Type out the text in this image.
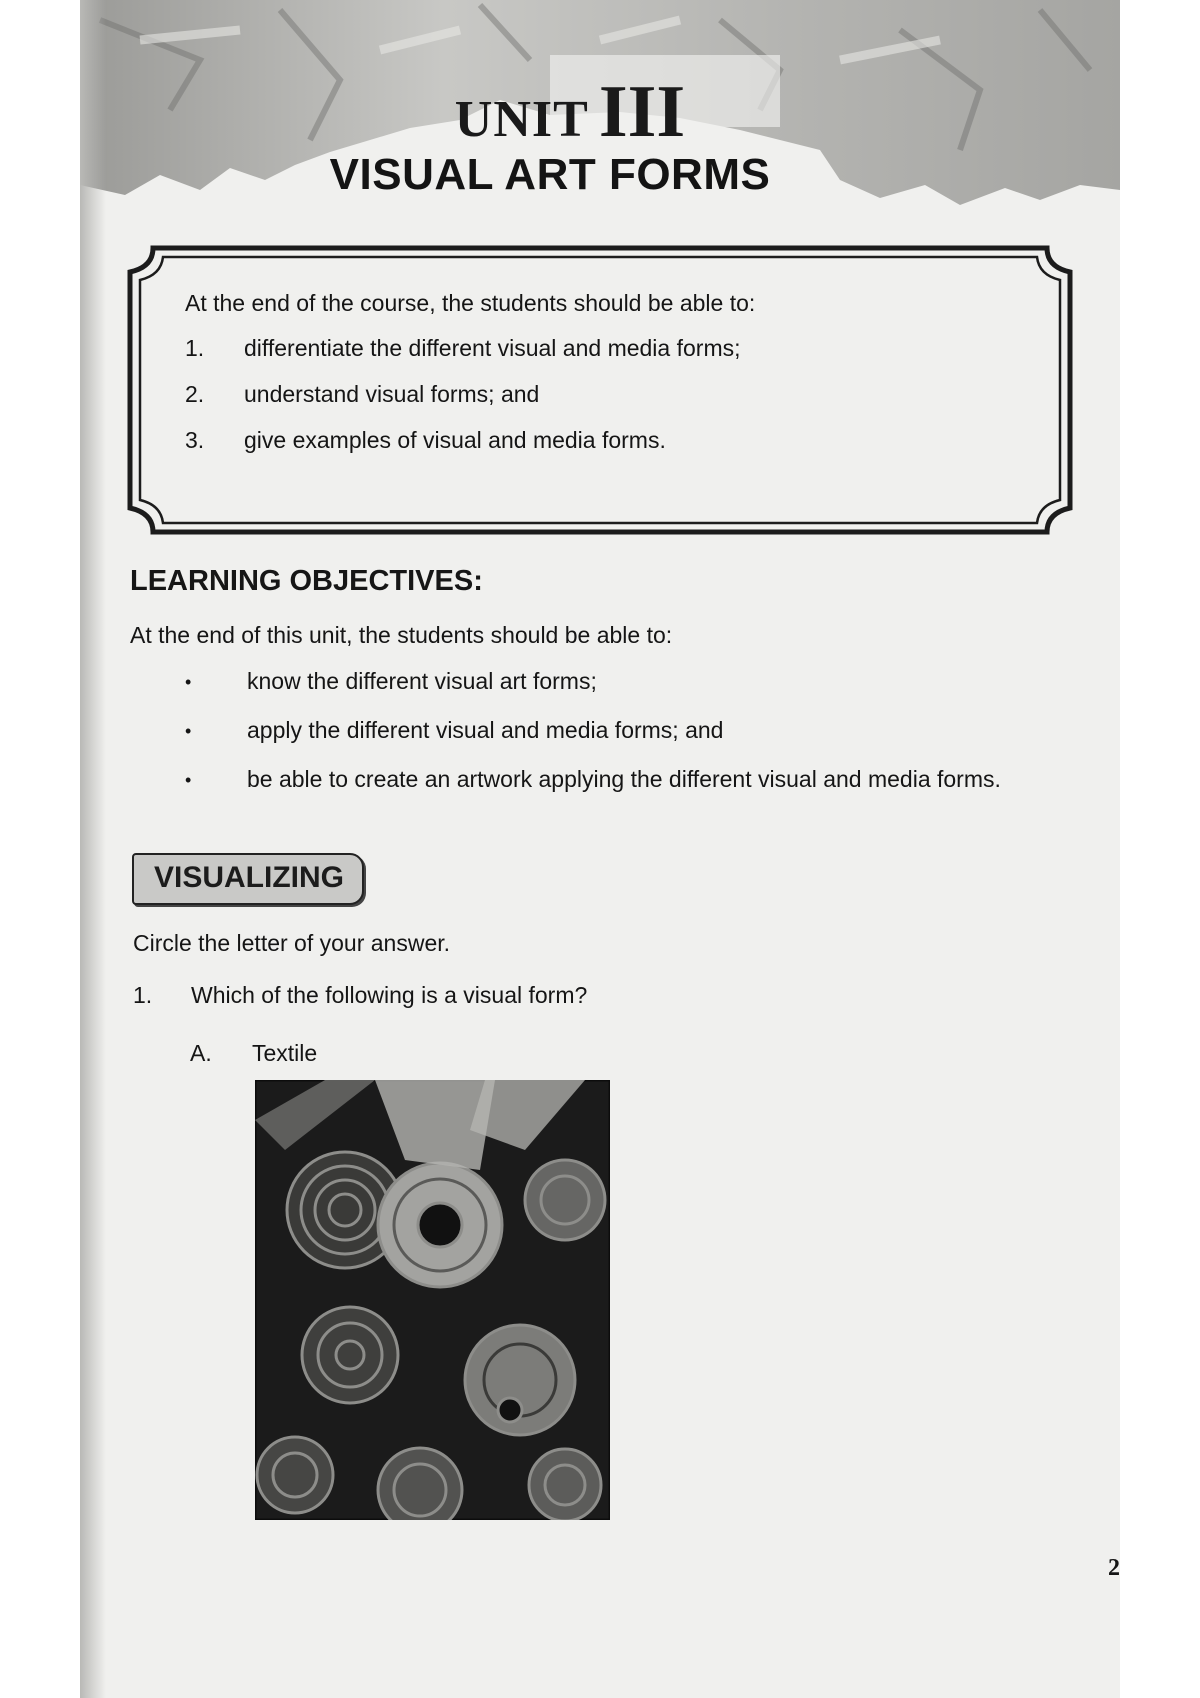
UNIT III
VISUAL ART FORMS

At the end of the course, the students should be able to:

1.	differentiate the different visual and media forms;
2.	understand visual forms; and
3.	give examples of visual and media forms.
LEARNING OBJECTIVES:
At the end of this unit, the students should be able to:
•	know the different visual art forms;
•	apply the different visual and media forms; and
•	be able to create an artwork applying the different visual and media forms.
VISUALIZING
Circle the letter of your answer.
1.	Which of the following is a visual form?
A.	Textile
2
